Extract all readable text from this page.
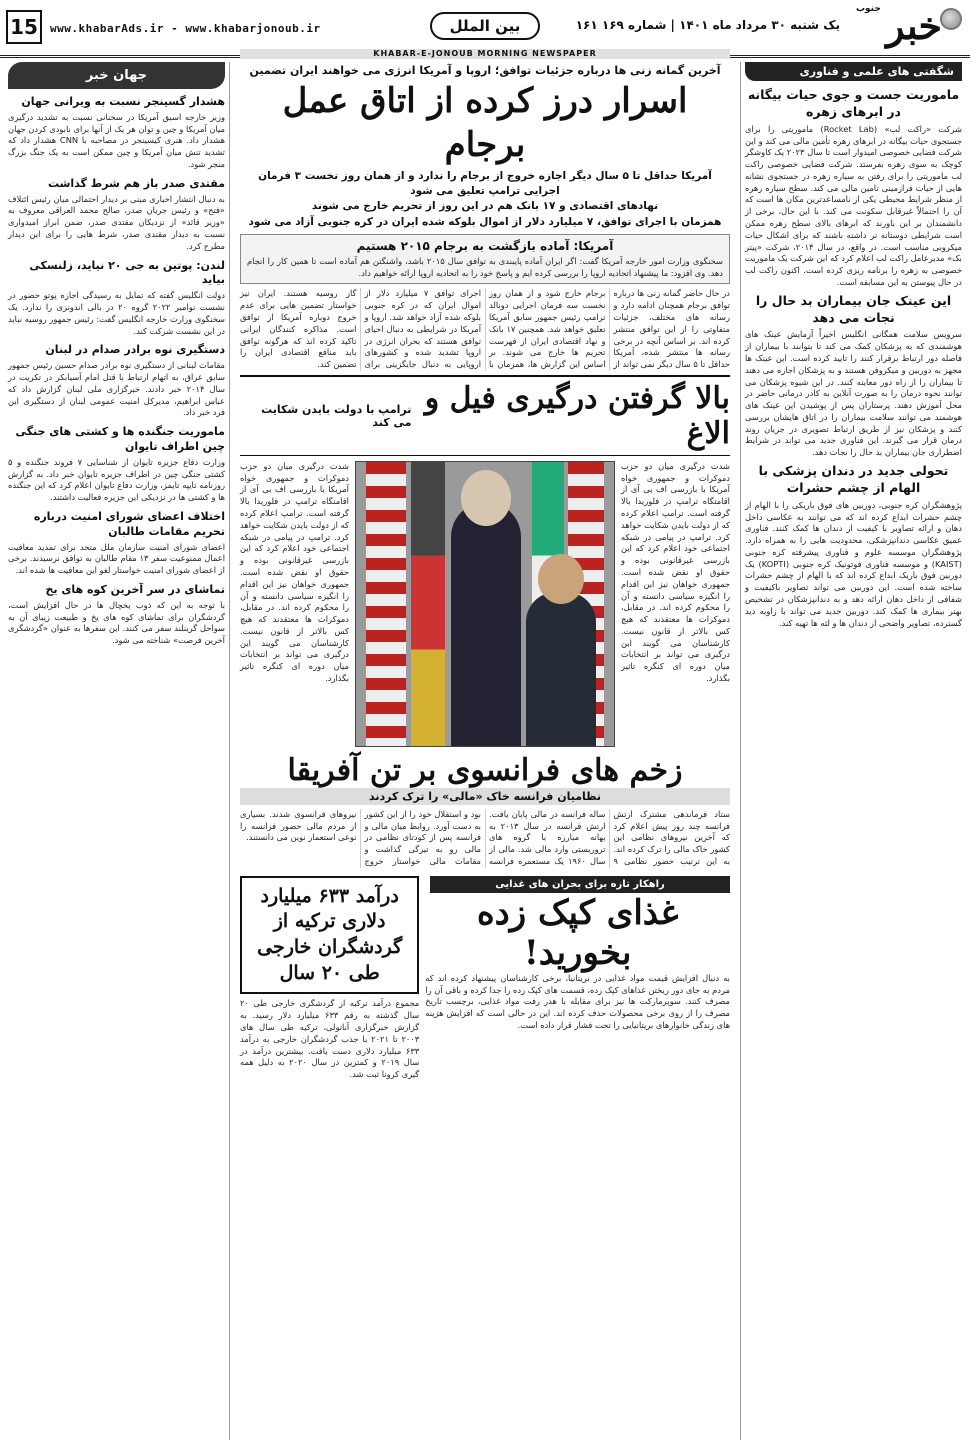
خبر
جنوب
یک شنبه ۳۰ مرداد ماه ۱۴۰۱ | شماره ۱۶۹ ۱۶۱
بین الملل
www.khabarAds.ir - www.khabarjonoub.ir
15
KHABAR-E-JONOUB MORNING NEWSPAPER
شگفتی های علمی و فناوری
ماموریت جست و جوی حیات بیگانه در ابرهای زهره

شرکت «راکت لب» (Rocket Lab) ماموریتی را برای جستجوی حیات بیگانه در ابرهای زهره تأمین مالی می کند و این شرکت فضایی خصوصی امیدوار است تا سال ۲۰۲۳ یک کاوشگر کوچک به سوی زهره بفرستد. شرکت فضایی خصوصی راکت لب ماموریتی را برای رفتن به سیاره زهره در جستجوی نشانه هایی از حیات فرازمینی تامین مالی می کند. سطح سیاره زهره از منظر شرایط محیطی یکی از نامساعدترین مکان ها است که آن را احتمالاً غیرقابل سکونت می کند. با این حال، برخی از دانشمندان بر این باورند که ابرهای بالای سطح زهره ممکن است شرایطی دوستانه تر داشته باشند که برای اشکال حیات میکروبی مناسب است. در واقع، در سال ۲۰۱۴، شرکت «پیتر بک» مدیرعامل راکت لب اعلام کرد که این شرکت یک ماموریت خصوصی به زهره را برنامه ریزی کرده است. اکنون راکت لب در حال پیوستن به این مسابقه است.

این عینک جان بیماران بد حال را نجات می دهد

سرویس سلامت همگانی انگلیس اخیراً آزمایش عینک های هوشمندی که به پزشکان کمک می کند تا بتوانند با بیماران از فاصله دور ارتباط برقرار کنند را تایید کرده است. این عینک ها مجهز به دوربین و میکروفن هستند و به پزشکان اجازه می دهند تا بیماران را از راه دور معاینه کنند. در این شیوه پزشکان می توانند نحوه درمان را به صورت آنلاین به کادر درمانی حاضر در محل آموزش دهند. پرستاران پس از پوشیدن این عینک های هوشمند می توانند سلامت بیماران را در اتاق هایشان بررسی کنند و پزشکان نیز از طریق ارتباط تصویری در جریان روند درمان قرار می گیرند. این فناوری جدید می تواند در شرایط اضطراری جان بیماران بد حال را نجات دهد.

تحولی جدید در دندان پزشکی با الهام از چشم حشرات

پژوهشگران کره جنوبی، دوربین های فوق باریکی را با الهام از چشم حشرات ابداع کرده اند که می توانند به عکاسی داخل دهان و ارائه تصاویر با کیفیت از دندان ها کمک کنند. فناوری عمیق عکاسی دندانپزشکی، محدودیت هایی را به همراه دارد. پژوهشگران موسسه علوم و فناوری پیشرفته کره جنوبی (KAIST) و موسسه فناوری فوتونیک کره جنوبی (KOPTI) یک دوربین فوق باریک ابداع کرده اند که با الهام از چشم حشرات ساخته شده است. این دوربین می تواند تصاویر باکیفیت و شفافی از داخل دهان ارائه دهد و به دندانپزشکان در تشخیص بهتر بیماری ها کمک کند. دوربین جدید می تواند با زاویه دید گسترده، تصاویر واضحی از دندان ها و لثه ها تهیه کند.

جهان خبر
هشدار گسینجر نسبت به ویرانی جهان

وزیر خارجه اسبق آمریکا در سخنانی نسبت به تشدید درگیری میان آمریکا و چین و توان هر یک از آنها برای نابودی کردن جهان هشدار داد. هنری کیسینجر در مصاحبه با CNN هشدار داد که تشدید تنش میان آمریکا و چین ممکن است به یک جنگ بزرگ منجر شود.

مقتدی صدر باز هم شرط گذاشت

به دنبال انتشار اخباری مبنی بر دیدار احتمالی میان رئیس ائتلاف «فتح» و رئیس جریان صدر، صالح محمد العراقی معروف به «وزیر قائد» از نزدیکان مقتدی صدر، ضمن ابراز امیدواری نسبت به دیدار مقتدی صدر، شرط هایی را برای این دیدار مطرح کرد.

لندن: پوتین به جی ۲۰ نیاید، زلنسکی بیاید

دولت انگلیس گفته که تمایل به رسیدگی اجازه پوتو حضور در نشست نوامبر ۲۰۲۲ گروه ۲۰ در بالی اندونزی را ندارد. یک سخنگوی وزارت خارجه انگلیس گفت: رئیس جمهور روسیه نباید در این نشست شرکت کند.

دستگیری نوه برادر صدام در لبنان

مقامات لبنانی از دستگیری نوه برادر صدام حسین رئیس جمهور سابق عراق، به اتهام ارتباط با قتل امام آسیابکر در تکریت در سال ۲۰۱۴ خبر دادند. خبرگزاری ملی لبنان گزارش داد که عباس ابراهیم، مدیرکل امنیت عمومی لبنان از دستگیری این فرد خبر داد.

ماموریت جنگنده ها و کشتی های جنگی چین اطراف تایوان

وزارت دفاع جزیره تایوان از شناسایی ۷ فروند جنگنده و ۵ کشتی جنگی چین در اطراف جزیره تایوان خبر داد. به گزارش روزنامه تایپه تایمز، وزارت دفاع تایوان اعلام کرد که این جنگنده ها و کشتی ها در نزدیکی این جزیره فعالیت داشتند.

اختلاف اعضای شورای امنیت درباره تحریم مقامات طالبان

اعضای شورای امنیت سازمان ملل متحد برای تمدید معافیت اعمال ممنوعیت سفر ۱۳ مقام طالبان به توافق نرسیدند. برخی از اعضای شورای امنیت خواستار لغو این معافیت ها شده اند.

تماشای در سر آخرین کوه های یخ

با توجه به این که ذوب یخچال ها در حال افزایش است، گردشگران برای تماشای کوه های یخ و طبیعت زیبای آن به سواحل گرینلند سفر می کنند. این سفرها به عنوان «گردشگری آخرین فرصت» شناخته می شود.

آخرین گمانه زنی ها درباره جزئیات توافق؛ اروپا و آمریکا انرژی می خواهند ایران تضمین
اسرار درز کرده از اتاق عمل برجام
آمریکا حداقل تا ۵ سال دیگر اجازه خروج از برجام را ندارد و از همان روز نخست ۳ فرمان اجرایی ترامپ تعلیق می شود
نهادهای اقتصادی و ۱۷ بانک هم در این روز از تحریم خارج می شوند
همزمان با اجرای توافق، ۷ میلیارد دلار از اموال بلوکه شده ایران در کره جنوبی آزاد می شود
آمریکا: آماده بازگشت به برجام ۲۰۱۵ هستیم

سخنگوی وزارت امور خارجه آمریکا گفت: اگر ایران آماده پایبندی به توافق سال ۲۰۱۵ باشد، واشنگتن هم آماده است تا همین کار را انجام دهد. وی افزود: ما پیشنهاد اتحادیه اروپا را بررسی کرده ایم و پاسخ خود را به اتحادیه اروپا ارائه خواهیم داد.

در حال حاضر گمانه زنی ها درباره توافق برجام همچنان ادامه دارد و رسانه های مختلف، جزئیات متفاوتی را از این توافق منتشر کرده اند. بر اساس آنچه در برخی رسانه ها منتشر شده، آمریکا حداقل تا ۵ سال دیگر نمی تواند از برجام خارج شود و از همان روز نخست سه فرمان اجرایی دونالد ترامپ رئیس جمهور سابق آمریکا تعلیق خواهد شد. همچنین ۱۷ بانک و نهاد اقتصادی ایران از فهرست تحریم ها خارج می شوند. بر اساس این گزارش ها، همزمان با اجرای توافق ۷ میلیارد دلار از اموال ایران که در کره جنوبی بلوکه شده آزاد خواهد شد. اروپا و آمریکا در شرایطی به دنبال احیای توافق هستند که بحران انرژی در اروپا تشدید شده و کشورهای اروپایی به دنبال جایگزینی برای گاز روسیه هستند. ایران نیز خواستار تضمین هایی برای عدم خروج دوباره آمریکا از توافق است. مذاکره کنندگان ایرانی تاکید کرده اند که هرگونه توافق باید منافع اقتصادی ایران را تضمین کند.

بالا گرفتن درگیری فیل و الاغ
ترامپ با دولت بایدن شکایت می کند

شدت درگیری میان دو حزب دموکرات و جمهوری خواه آمریکا با بازرسی اف بی آی از اقامتگاه ترامپ در فلوریدا بالا گرفته است. ترامپ اعلام کرده که از دولت بایدن شکایت خواهد کرد. ترامپ در پیامی در شبکه اجتماعی خود اعلام کرد که این بازرسی غیرقانونی بوده و حقوق او نقض شده است. جمهوری خواهان نیز این اقدام را انگیزه سیاسی دانسته و آن را محکوم کرده اند. در مقابل، دموکرات ها معتقدند که هیچ کس بالاتر از قانون نیست. کارشناسان می گویند این درگیری می تواند بر انتخابات میان دوره ای کنگره تاثیر بگذارد.

شدت درگیری میان دو حزب دموکرات و جمهوری خواه آمریکا با بازرسی اف بی آی از اقامتگاه ترامپ در فلوریدا بالا گرفته است. ترامپ اعلام کرده که از دولت بایدن شکایت خواهد کرد. ترامپ در پیامی در شبکه اجتماعی خود اعلام کرد که این بازرسی غیرقانونی بوده و حقوق او نقض شده است. جمهوری خواهان نیز این اقدام را انگیزه سیاسی دانسته و آن را محکوم کرده اند. در مقابل، دموکرات ها معتقدند که هیچ کس بالاتر از قانون نیست. کارشناسان می گویند این درگیری می تواند بر انتخابات میان دوره ای کنگره تاثیر بگذارد.

زخم های فرانسوی بر تن آفریقا
نظامیان فرانسه خاک «مالی» را ترک کردند

ستاد فرماندهی مشترک ارتش فرانسه چند روز پیش اعلام کرد که آخرین نیروهای نظامی این کشور خاک مالی را ترک کرده اند. به این ترتیب حضور نظامی ۹ ساله فرانسه در مالی پایان یافت. ارتش فرانسه در سال ۲۰۱۳ به بهانه مبارزه با گروه های تروریستی وارد مالی شد. مالی از سال ۱۹۶۰ یک مستعمره فرانسه بود و استقلال خود را از این کشور به دست آورد. روابط میان مالی و فرانسه پس از کودتای نظامی در مالی رو به تیرگی گذاشت و مقامات مالی خواستار خروج نیروهای فرانسوی شدند. بسیاری از مردم مالی حضور فرانسه را نوعی استعمار نوین می دانستند.

راهکار تازه برای بحران های غذایی
غذای کپک زده بخورید!

به دنبال افزایش قیمت مواد غذایی در بریتانیا، برخی کارشناسان پیشنهاد کرده اند که مردم به جای دور ریختن غذاهای کپک زده، قسمت های کپک زده را جدا کرده و باقی آن را مصرف کنند. سوپرمارکت ها نیز برای مقابله با هدر رفت مواد غذایی، برچسب تاریخ مصرف را از روی برخی محصولات حذف کرده اند. این در حالی است که افزایش هزینه های زندگی خانوارهای بریتانیایی را تحت فشار قرار داده است.

درآمد ۶۳۳ میلیارد دلاری ترکیه از گردشگران خارجی طی ۲۰ سال

مجموع درآمد ترکیه از گردشگری خارجی طی ۲۰ سال گذشته به رقم ۶۳۳ میلیارد دلار رسید. به گزارش خبرگزاری آناتولی، ترکیه طی سال های ۲۰۰۳ تا ۲۰۲۱ با جذب گردشگران خارجی به درآمد ۶۳۳ میلیارد دلاری دست یافت. بیشترین درآمد در سال ۲۰۱۹ و کمترین در سال ۲۰۲۰ به دلیل همه گیری کرونا ثبت شد.
